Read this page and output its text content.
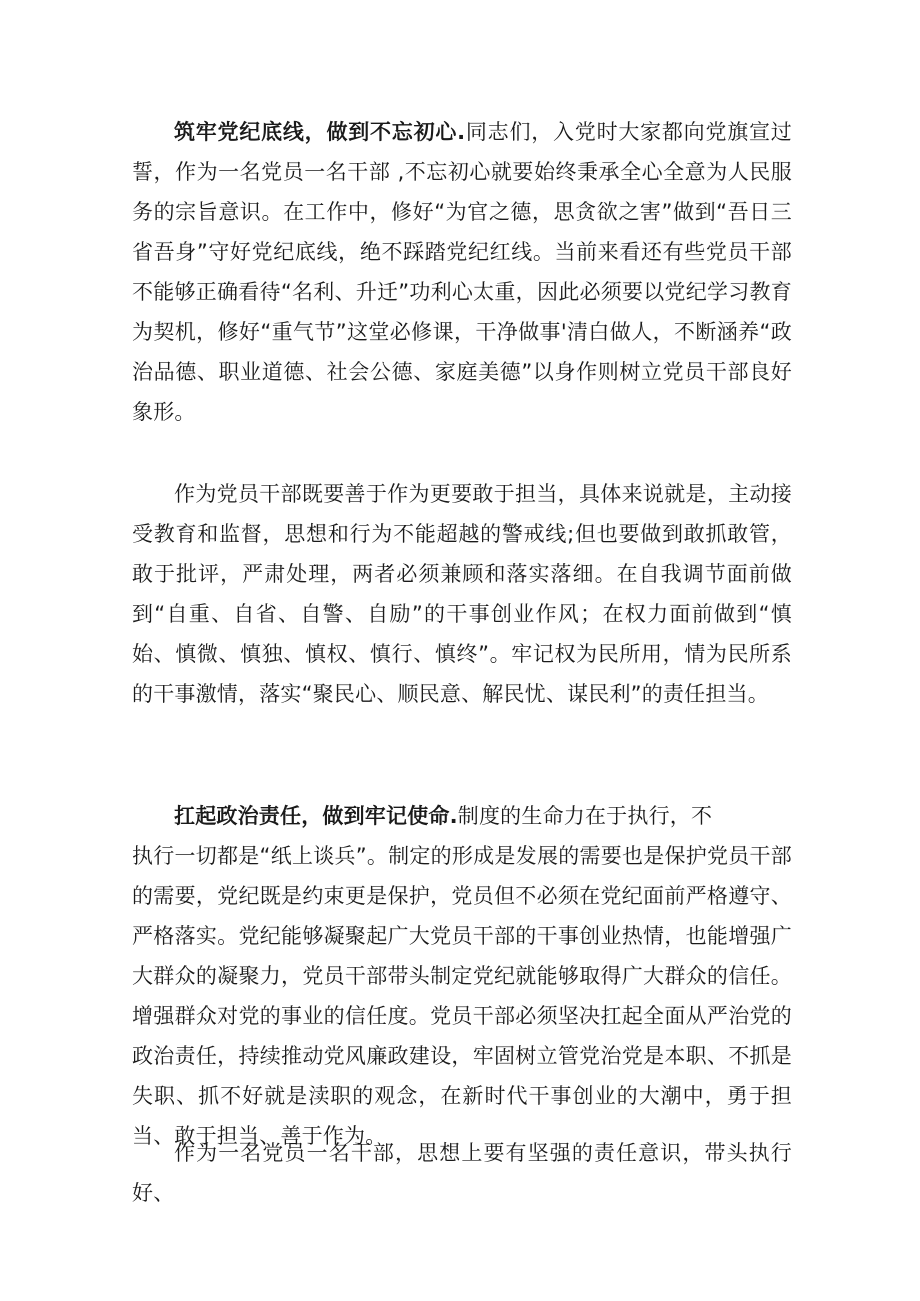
筑牢党纪底线，做到不忘初心.同志们，入党时大家都向党旗宣过誓，作为一名党员一名干部 ,不忘初心就要始终秉承全心全意为人民服务的宗旨意识。在工作中，修好“为官之德，思贪欲之害”做到“吾日三省吾身”守好党纪底线，绝不踩踏党纪红线。当前来看还有些党员干部不能够正确看待“名利、升迁”功利心太重，因此必须要以党纪学习教育为契机，修好“重气节”这堂必修课，干净做事'清白做人，不断涵养“政治品德、职业道德、社会公德、家庭美德”以身作则树立党员干部良好象形。

作为党员干部既要善于作为更要敢于担当，具体来说就是，主动接受教育和监督，思想和行为不能超越的警戒线;但也要做到敢抓敢管，敢于批评，严肃处理，两者必须兼顾和落实落细。在自我调节面前做到“自重、自省、自警、自励”的干事创业作风；在权力面前做到“慎始、慎微、慎独、慎权、慎行、慎终”。牢记权为民所用，情为民所系的干事激情，落实“聚民心、顺民意、解民忧、谋民利”的责任担当。

扛起政治责任，做到牢记使命.制度的生命力在于执行，不

执行一切都是“纸上谈兵”。制定的形成是发展的需要也是保护党员干部的需要，党纪既是约束更是保护，党员但不必须在党纪面前严格遵守、严格落实。党纪能够凝聚起广大党员干部的干事创业热情，也能增强广大群众的凝聚力，党员干部带头制定党纪就能够取得广大群众的信任。增强群众对党的事业的信任度。党员干部必须坚决扛起全面从严治党的政治责任，持续推动党风廉政建设，牢固树立管党治党是本职、不抓是失职、抓不好就是渎职的观念，在新时代干事创业的大潮中，勇于担当、敢于担当、善于作为。

作为一名党员一名干部，思想上要有坚强的责任意识，带头执行好、
